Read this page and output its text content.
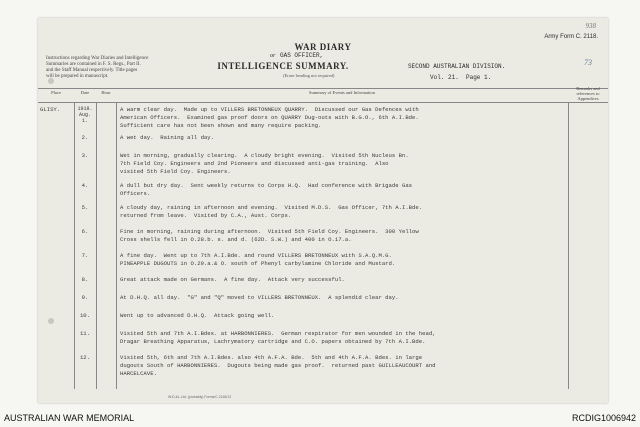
Instructions regarding War Diaries and Intelligence
Summaries are contained in F. S. Regs., Part II.
and the Staff Manual respectively. Title pages
will be prepared in manuscript.
WAR DIARY
or GAS OFFICER,
INTELLIGENCE SUMMARY.	SECOND AUSTRALIAN DIVISION.
(Erase heading not required)
Army Form C. 2118.
938
73
Vol. 21. Page 1.
Place	Date	Hour	Summary of Events and Information
Remarks and references to Appendices
GLISY.	1918. Aug. 1.
A warm clear day.  Made up to VILLERS BRETONNEUX QUARRY.  Discussed our Gas Defences with
American Officers.  Examined gas proof doors on QUARRY Dug-outs with B.G.O., 6th A.I.Bde.
Sufficient care has not been shown and many require packing.
2.	A wet day.  Raining all day.
3.	Wet in morning, gradually clearing.  A cloudy bright evening.  Visited 5th Nucleus Bn.
7th Field Coy. Engineers and 2nd Pioneers and discussed anti-gas training.  Also
visited 5th Field Coy. Engineers.
4.	A dull but dry day.  Sent weekly returns to Corps H.Q.  Had conference with Brigade Gas
Officers.
5.	A cloudy day, raining in afternoon and evening.  Visited M.D.S.  Gas Officer, 7th A.I.Bde.
returned from leave.  Visited by C.A., Aust. Corps.
6.	Fine in morning, raining during afternoon.  Visited 5th Field Coy. Engineers.  300 Yellow
Cross shells fell in O.28.b. s. and d. (62D. S.W.) and 400 in O.17.a.
7.	A fine day.  Went up to 7th A.I.Bde. and round VILLERS BRETONNEUX with S.A.Q.M.G.
PINEAPPLE DUGOUTS in O.29.a.& O. south of Phenyl carbylamine Chloride and Mustard.
8.	Great attack made on Germans.  A fine day.  Attack very successful.
9.	At D.H.Q. all day.  "G" and "Q" moved to VILLERS BRETONNEUX.  A splendid clear day.
10.	Went up to advanced D.H.Q.  Attack going well.
11.	Visited 5th and 7th A.I.Bdes. at HARBONNIERES.  German respirator for men wounded in the head,
Dragar Breathing Apparatus, Lachrymatory cartridge and C.O. papers obtained by 7th A.I.Bde.
12.	Visited 5th, 6th and 7th A.I.Bdes. also 4th A.F.A. Bde.  5th and 4th A.F.A. Bdes. in large
dugouts South of HARBONNIERES.  Dugouts being made gas proof.  returned past GUILLEAUCOURT and
HARCELCAVE.
W.D.&L.Ltd. (probably) Forms/C.2118/12
AUSTRALIAN WAR MEMORIAL	RCDIG1006942
